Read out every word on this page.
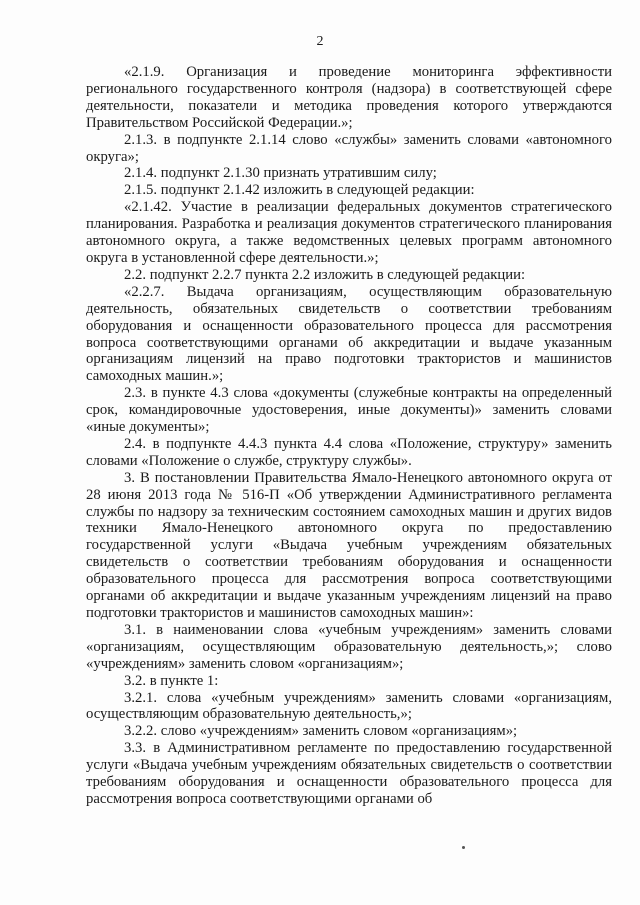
2

«2.1.9. Организация и проведение мониторинга эффективности регионального государственного контроля (надзора) в соответствующей сфере деятельности, показатели и методика проведения которого утверждаются Правительством Российской Федерации.»;

2.1.3. в подпункте 2.1.14 слово «службы» заменить словами «автономного округа»;

2.1.4. подпункт 2.1.30 признать утратившим силу;

2.1.5. подпункт 2.1.42 изложить в следующей редакции:

«2.1.42. Участие в реализации федеральных документов стратегического планирования. Разработка и реализация документов стратегического планирования автономного округа, а также ведомственных целевых программ автономного округа в установленной сфере деятельности.»;

2.2. подпункт 2.2.7 пункта 2.2 изложить в следующей редакции:

«2.2.7. Выдача организациям, осуществляющим образовательную деятельность, обязательных свидетельств о соответствии требованиям оборудования и оснащенности образовательного процесса для рассмотрения вопроса соответствующими органами об аккредитации и выдаче указанным организациям лицензий на право подготовки трактористов и машинистов самоходных машин.»;

2.3. в пункте 4.3 слова «документы (служебные контракты на определенный срок, командировочные удостоверения, иные документы)» заменить словами «иные документы»;

2.4. в подпункте 4.4.3 пункта 4.4 слова «Положение, структуру» заменить словами «Положение о службе, структуру службы».

3. В постановлении Правительства Ямало-Ненецкого автономного округа от 28 июня 2013 года № 516-П «Об утверждении Административного регламента службы по надзору за техническим состоянием самоходных машин и других видов техники Ямало-Ненецкого автономного округа по предоставлению государственной услуги «Выдача учебным учреждениям обязательных свидетельств о соответствии требованиям оборудования и оснащенности образовательного процесса для рассмотрения вопроса соответствующими органами об аккредитации и выдаче указанным учреждениям лицензий на право подготовки трактористов и машинистов самоходных машин»:

3.1. в наименовании слова «учебным учреждениям» заменить словами «организациям, осуществляющим образовательную деятельность,»; слово «учреждениям» заменить словом «организациям»;

3.2. в пункте 1:

3.2.1. слова «учебным учреждениям» заменить словами «организациям, осуществляющим образовательную деятельность,»;

3.2.2. слово «учреждениям» заменить словом «организациям»;

3.3. в Административном регламенте по предоставлению государственной услуги «Выдача учебным учреждениям обязательных свидетельств о соответствии требованиям оборудования и оснащенности образовательного процесса для рассмотрения вопроса соответствующими органами об
